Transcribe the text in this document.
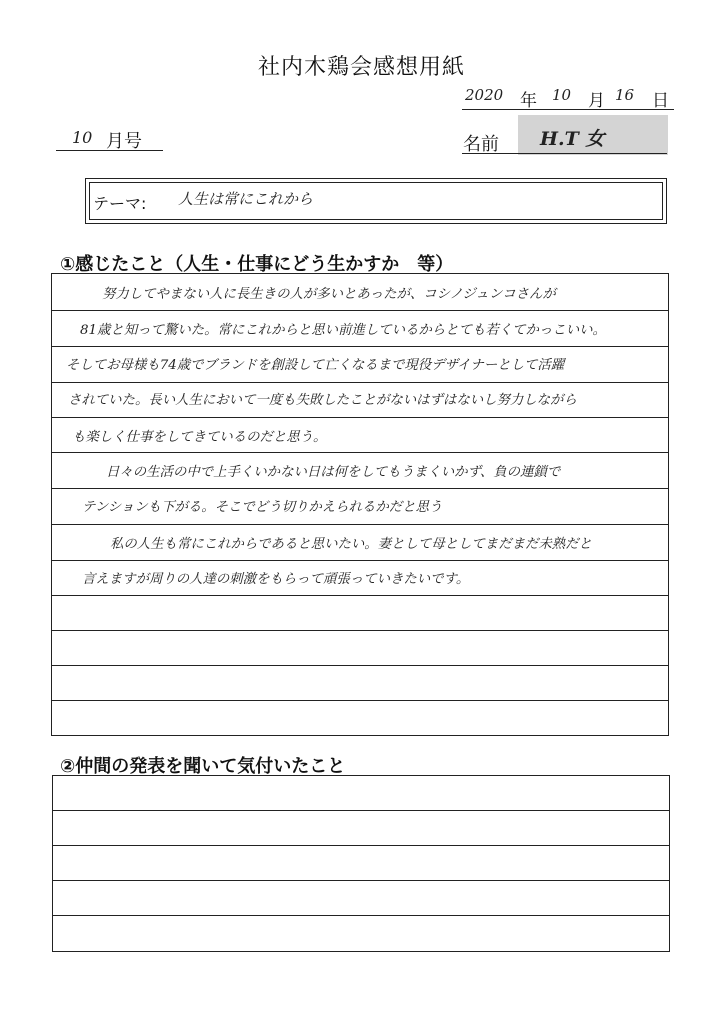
社内木鶏会感想用紙
2020 年 10 月 16 日
10 月号	名前 H.T 女
テーマ: 人生は常にこれから
①感じたこと（人生・仕事にどう生かすか　等）
努力してやまない人に長生きの人が多いとあったが、コシノジュンコさんが
81歳と知って驚いた。常にこれからと思い前進しているからとても若くてかっこいい。
そしてお母様も74歳でブランドを創設して亡くなるまで現役デザイナーとして活躍
されていた。長い人生において一度も失敗したことがないはずはないし努力しながら
も楽しく仕事をしてきているのだと思う。
日々の生活の中で上手くいかない日は何をしてもうまくいかず、負の連鎖で
テンションも下がる。そこでどう切りかえられるかだと思う
私の人生も常にこれからであると思いたい。妻として母としてまだまだ未熟だと
言えますが周りの人達の刺激をもらって頑張っていきたいです。
②仲間の発表を聞いて気付いたこと
